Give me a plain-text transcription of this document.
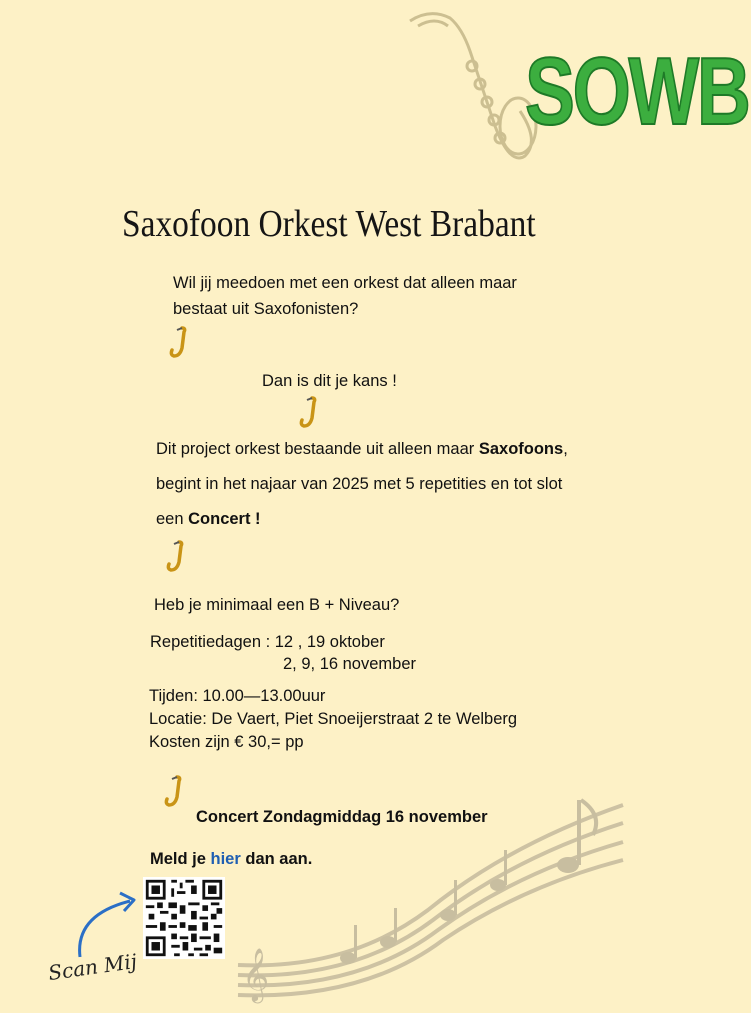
SOWB
Saxofoon Orkest West Brabant
Wil jij meedoen met een orkest dat alleen maar
bestaat uit Saxofonisten?
Dan is dit je kans !
Dit project orkest bestaande uit alleen maar Saxofoons,
begint in het najaar van 2025 met 5 repetities en tot slot
een Concert !
Heb je minimaal een B + Niveau?
Repetitiedagen : 12 , 19 oktober
2, 9, 16 november
Tijden: 10.00—13.00uur
Locatie: De Vaert, Piet Snoeijerstraat 2 te Welberg
Kosten zijn € 30,= pp
𝄞
Concert Zondagmiddag 16 november
Meld je hier dan aan.
Scan Mij
